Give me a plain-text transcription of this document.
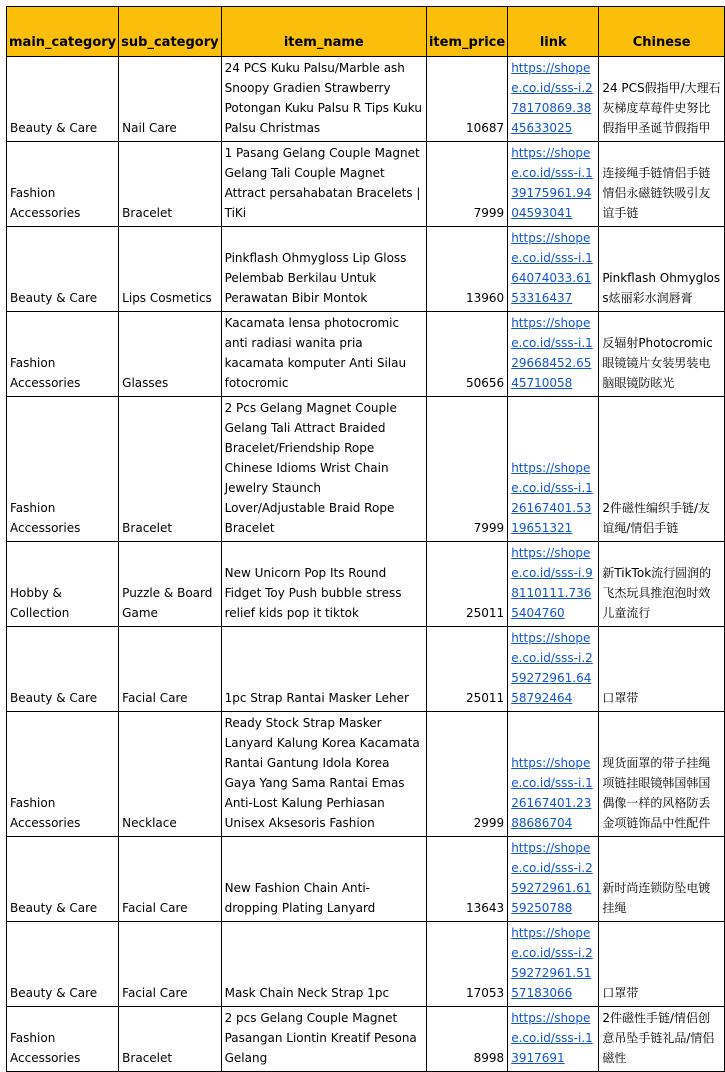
main_category	sub_category	item_name	item_price	link	Chinese
Beauty & Care	Nail Care	24 PCS Kuku Palsu/Marble ash Snoopy Gradien Strawberry Potongan Kuku Palsu R Tips Kuku Palsu Christmas	10687	https://shopee.co.id/sss-i.278170869.3845633025	24 PCS假指甲/大理石灰梯度草莓件史努比假指甲圣诞节假指甲
Fashion Accessories	Bracelet	1 Pasang Gelang Couple Magnet Gelang Tali Couple Magnet Attract persahabatan Bracelets | TiKi	7999	https://shopee.co.id/sss-i.139175961.9404593041	连接绳手链情侣手链情侣永磁链铁吸引友谊手链
Beauty & Care	Lips Cosmetics	Pinkflash Ohmygloss Lip Gloss Pelembab Berkilau Untuk Perawatan Bibir Montok	13960	https://shopee.co.id/sss-i.164074033.6153316437	Pinkflash Ohmygloss炫丽彩水润唇膏
Fashion Accessories	Glasses	Kacamata lensa photocromic anti radiasi wanita pria kacamata komputer Anti Silau fotocromic	50656	https://shopee.co.id/sss-i.129668452.6545710058	反辐射Photocromic眼镜镜片女装男装电脑眼镜防眩光
Fashion Accessories	Bracelet	2 Pcs Gelang Magnet Couple Gelang Tali Attract Braided Bracelet/Friendship Rope Chinese Idioms Wrist Chain Jewelry Staunch Lover/Adjustable Braid Rope Bracelet	7999	https://shopee.co.id/sss-i.126167401.5319651321	2件磁性编织手链/友谊绳/情侣手链
Hobby & Collection	Puzzle & Board Game	New Unicorn Pop Its Round Fidget Toy Push bubble stress relief kids pop it tiktok	25011	https://shopee.co.id/sss-i.98110111.7365404760	新TikTok流行圆润的飞杰玩具推泡泡时效儿童流行
Beauty & Care	Facial Care	1pc Strap Rantai Masker Leher	25011	https://shopee.co.id/sss-i.259272961.6458792464	口罩带
Fashion Accessories	Necklace	Ready Stock Strap Masker Lanyard Kalung Korea Kacamata Rantai Gantung Idola Korea Gaya Yang Sama Rantai Emas Anti-Lost Kalung Perhiasan Unisex Aksesoris Fashion	2999	https://shopee.co.id/sss-i.126167401.2388686704	现货面罩的带子挂绳项链挂眼镜韩国韩国偶像一样的风格防丢金项链饰品中性配件
Beauty & Care	Facial Care	New Fashion Chain Anti-dropping Plating Lanyard	13643	https://shopee.co.id/sss-i.259272961.6159250788	新时尚连锁防坠电镀挂绳
Beauty & Care	Facial Care	Mask Chain Neck Strap 1pc	17053	https://shopee.co.id/sss-i.259272961.5157183066	口罩带
Fashion Accessories	Bracelet	2 pcs Gelang Couple Magnet Pasangan Liontin Kreatif Pesona Gelang	8998	https://shopee.co.id/sss-i.13917691	2件磁性手链/情侣创意吊坠手链礼品/情侣磁性
